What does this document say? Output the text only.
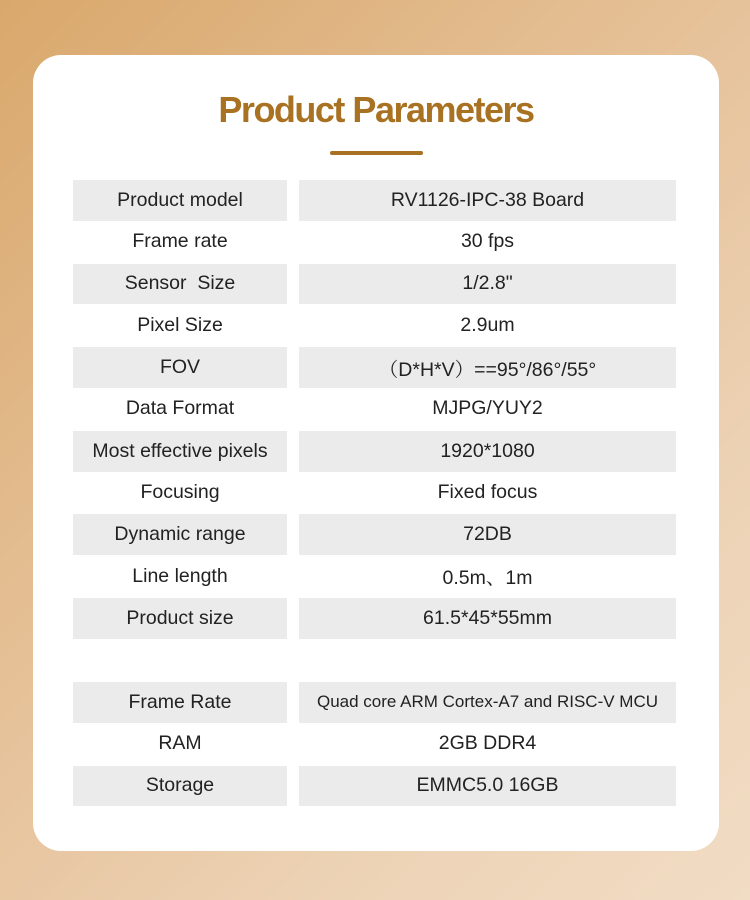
Product Parameters
Product model	RV1126-IPC-38 Board
Frame rate	30 fps
Sensor  Size	1/2.8"
Pixel Size	2.9um
FOV	（D*H*V）==95°/86°/55°
Data Format	MJPG/YUY2
Most effective pixels	1920*1080
Focusing	Fixed focus
Dynamic range	72DB
Line length	0.5m、1m
Product size	61.5*45*55mm
Frame Rate	Quad core ARM Cortex-A7 and RISC-V MCU
RAM	2GB DDR4
Storage	EMMC5.0 16GB
